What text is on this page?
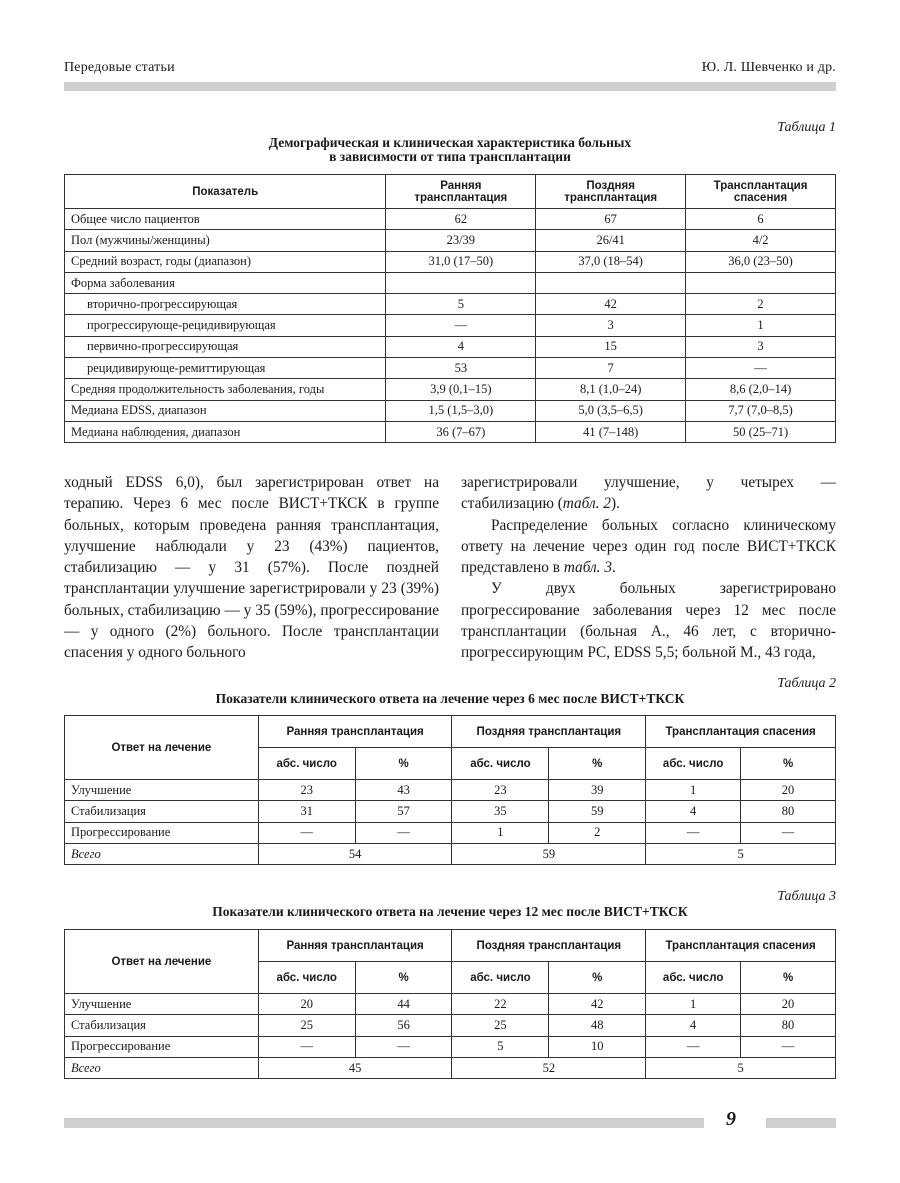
Передовые статьи	Ю. Л. Шевченко и др.
Таблица 1
Демографическая и клиническая характеристика больных
в зависимости от типа трансплантации
Показатель	Ранняя трансплантация	Поздняя трансплантация	Трансплантация спасения
Общее число пациентов	62	67	6
Пол (мужчины/женщины)	23/39	26/41	4/2
Средний возраст, годы (диапазон)	31,0 (17–50)	37,0 (18–54)	36,0 (23–50)
Форма заболевания			
вторично-прогрессирующая	5	42	2
прогрессирующе-рецидивирующая	—	3	1
первично-прогрессирующая	4	15	3
рецидивирующе-ремиттирующая	53	7	—
Средняя продолжительность заболевания, годы	3,9 (0,1–15)	8,1 (1,0–24)	8,6 (2,0–14)
Медиана EDSS, диапазон	1,5 (1,5–3,0)	5,0 (3,5–6,5)	7,7 (7,0–8,5)
Медиана наблюдения, диапазон	36 (7–67)	41 (7–148)	50 (25–71)

ходный EDSS 6,0), был зарегистрирован ответ на терапию. Через 6 мес после ВИСТ+ТКСК в группе больных, которым проведена ранняя трансплантация, улучшение наблюдали у 23 (43%) пациентов, стабилизацию — у 31 (57%). После поздней трансплантации улучшение зарегистрировали у 23 (39%) больных, стабилизацию — у 35 (59%), прогрессирование — у одного (2%) больного. После трансплантации спасения у одного больного

зарегистрировали улучшение, у четырех — стабилизацию (табл. 2).

Распределение больных согласно клиническому ответу на лечение через один год после ВИСТ+ТКСК представлено в табл. 3.

У двух больных зарегистрировано прогрессирование заболевания через 12 мес после трансплантации (больная А., 46 лет, с вторично-прогрессирующим РС, EDSS 5,5; больной М., 43 года,

Таблица 2
Показатели клинического ответа на лечение через 6 мес после ВИСТ+ТКСК
Ответ на лечение	Ранняя трансплантация		Поздняя трансплантация		Трансплантация спасения	
	абс. число	%	абс. число	%	абс. число	%
Улучшение	23	43	23	39	1	20
Стабилизация	31	57	35	59	4	80
Прогрессирование	—	—	1	2	—	—
Всего	54		59		5	
Таблица 3
Показатели клинического ответа на лечение через 12 мес после ВИСТ+ТКСК
Ответ на лечение	Ранняя трансплантация		Поздняя трансплантация		Трансплантация спасения	
	абс. число	%	абс. число	%	абс. число	%
Улучшение	20	44	22	42	1	20
Стабилизация	25	56	25	48	4	80
Прогрессирование	—	—	5	10	—	—
Всего	45		52		5	
9
